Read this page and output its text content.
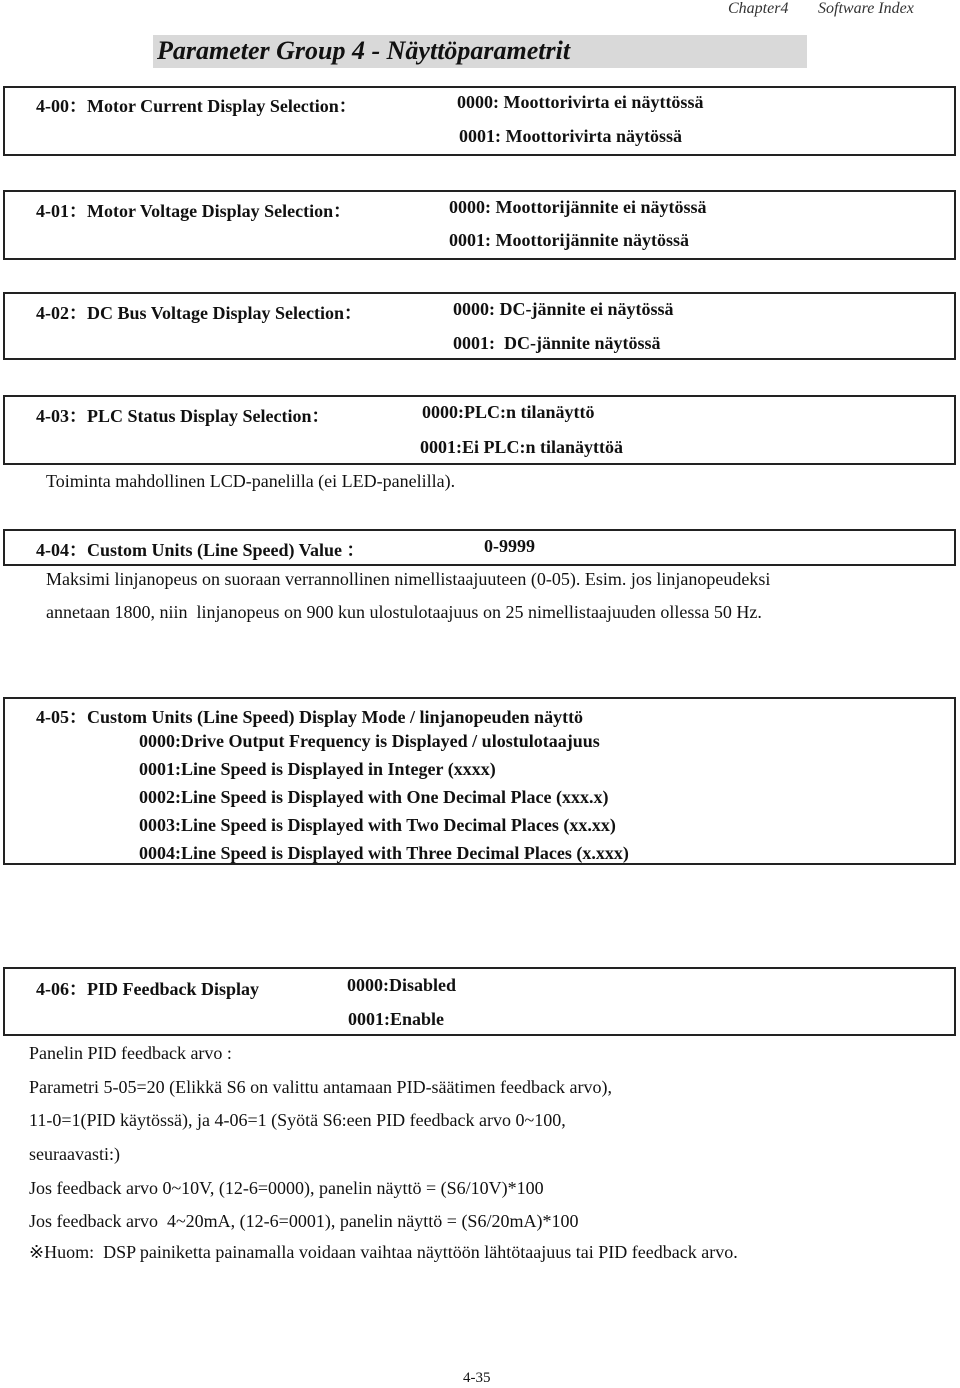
Chapter4 Software Index
Parameter Group 4 - Näyttöparametrit
4-00：Motor Current Display Selection：	0000: Moottorivirta ei näyttössä
0001: Moottorivirta näytössä
4-01：Motor Voltage Display Selection：	0000: Moottorijännite ei näytössä
0001: Moottorijännite näytössä
4-02：DC Bus Voltage Display Selection：	0000: DC-jännite ei näytössä
0001:  DC-jännite näytössä
4-03：PLC Status Display Selection：	0000:PLC:n tilanäyttö
0001:Ei PLC:n tilanäyttöä
Toiminta mahdollinen LCD-panelilla (ei LED-panelilla).
4-04：Custom Units (Line Speed) Value ：	0-9999
Maksimi linjanopeus on suoraan verrannollinen nimellistaajuuteen (0-05). Esim. jos linjanopeudeksi
annetaan 1800, niin  linjanopeus on 900 kun ulostulotaajuus on 25 nimellistaajuuden ollessa 50 Hz.
4-05：Custom Units (Line Speed) Display Mode / linjanopeuden näyttö
0000:Drive Output Frequency is Displayed / ulostulotaajuus
0001:Line Speed is Displayed in Integer (xxxx)
0002:Line Speed is Displayed with One Decimal Place (xxx.x)
0003:Line Speed is Displayed with Two Decimal Places (xx.xx)
0004:Line Speed is Displayed with Three Decimal Places (x.xxx)
4-06：PID Feedback Display	0000:Disabled
0001:Enable
Panelin PID feedback arvo :
Parametri 5-05=20 (Elikkä S6 on valittu antamaan PID-säätimen feedback arvo),
11-0=1(PID käytössä), ja 4-06=1 (Syötä S6:een PID feedback arvo 0~100,
seuraavasti:)
Jos feedback arvo 0~10V, (12-6=0000), panelin näyttö = (S6/10V)*100
Jos feedback arvo  4~20mA, (12-6=0001), panelin näyttö = (S6/20mA)*100
※Huom:  DSP painiketta painamalla voidaan vaihtaa näyttöön lähtötaajuus tai PID feedback arvo.
4-35
